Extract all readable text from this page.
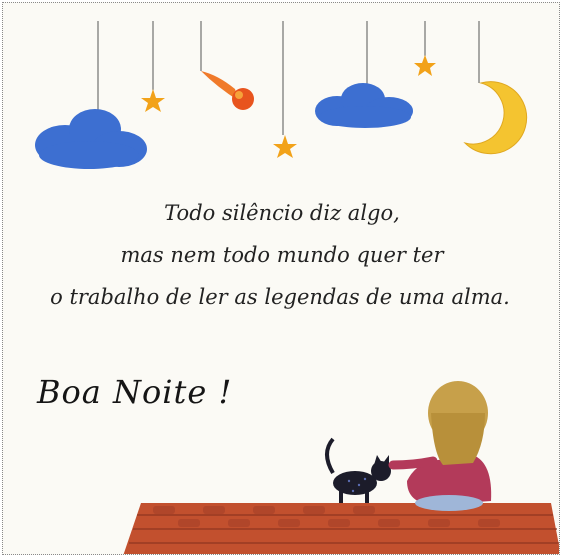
Todo silêncio diz algo,
mas nem todo mundo quer ter
o trabalho de ler as legendas de uma alma.
Boa Noite !
